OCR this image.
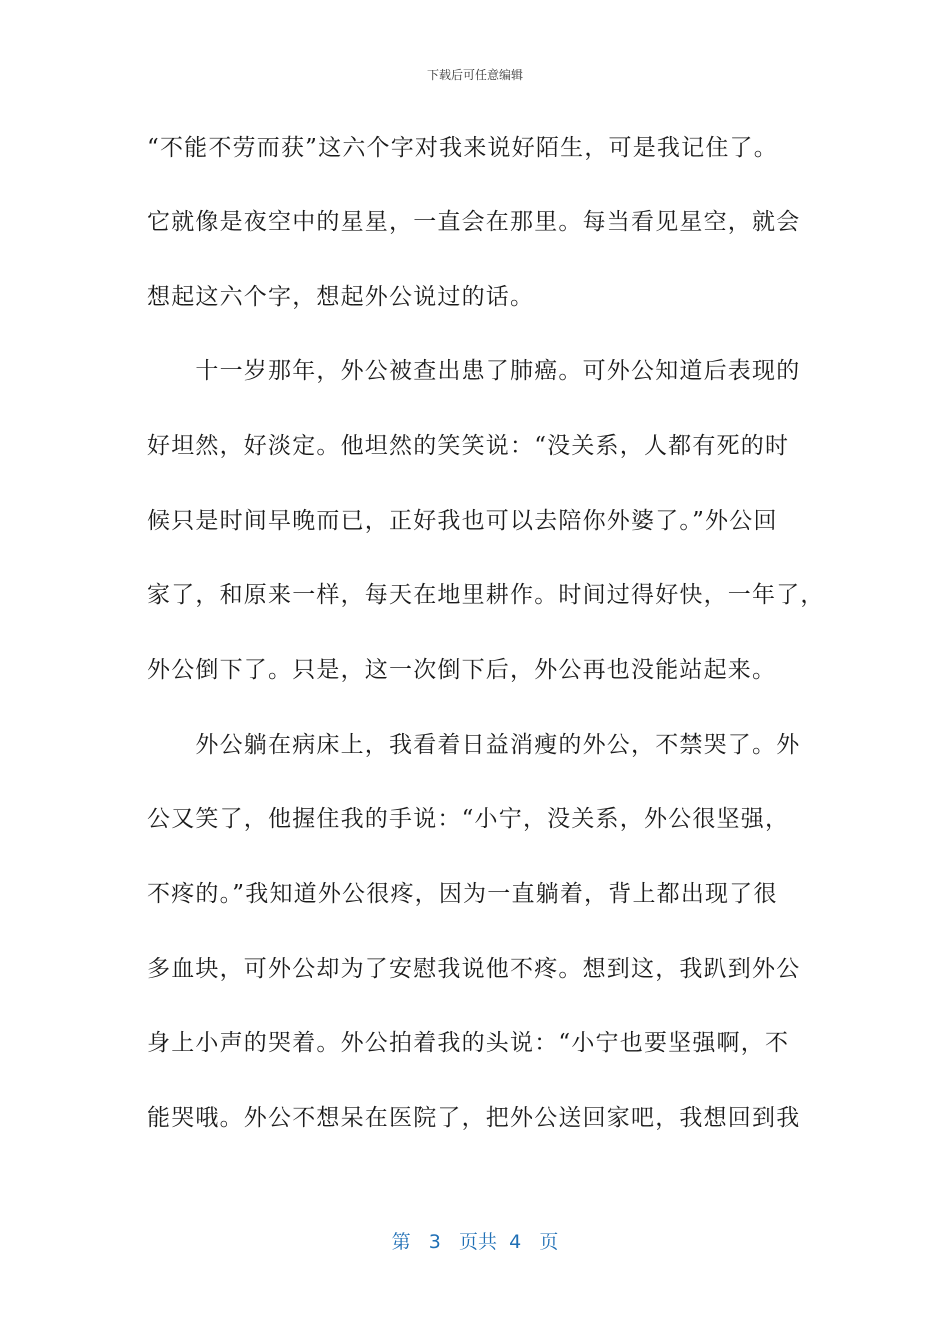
下载后可任意编辑
“不能不劳而获”这六个字对我来说好陌生，可是我记住了。
它就像是夜空中的星星，一直会在那里。每当看见星空，就会
想起这六个字，想起外公说过的话。
　　十一岁那年，外公被查出患了肺癌。可外公知道后表现的
好坦然，好淡定。他坦然的笑笑说：“没关系，人都有死的时
候只是时间早晚而已，正好我也可以去陪你外婆了。”外公回
家了，和原来一样，每天在地里耕作。时间过得好快，一年了，
外公倒下了。只是，这一次倒下后，外公再也没能站起来。
　　外公躺在病床上，我看着日益消瘦的外公，不禁哭了。外
公又笑了，他握住我的手说：“小宁，没关系，外公很坚强，
不疼的。”我知道外公很疼，因为一直躺着，背上都出现了很
多血块，可外公却为了安慰我说他不疼。想到这，我趴到外公
身上小声的哭着。外公拍着我的头说：“小宁也要坚强啊，不
能哭哦。外公不想呆在医院了，把外公送回家吧，我想回到我
第 3 页共 4 页
